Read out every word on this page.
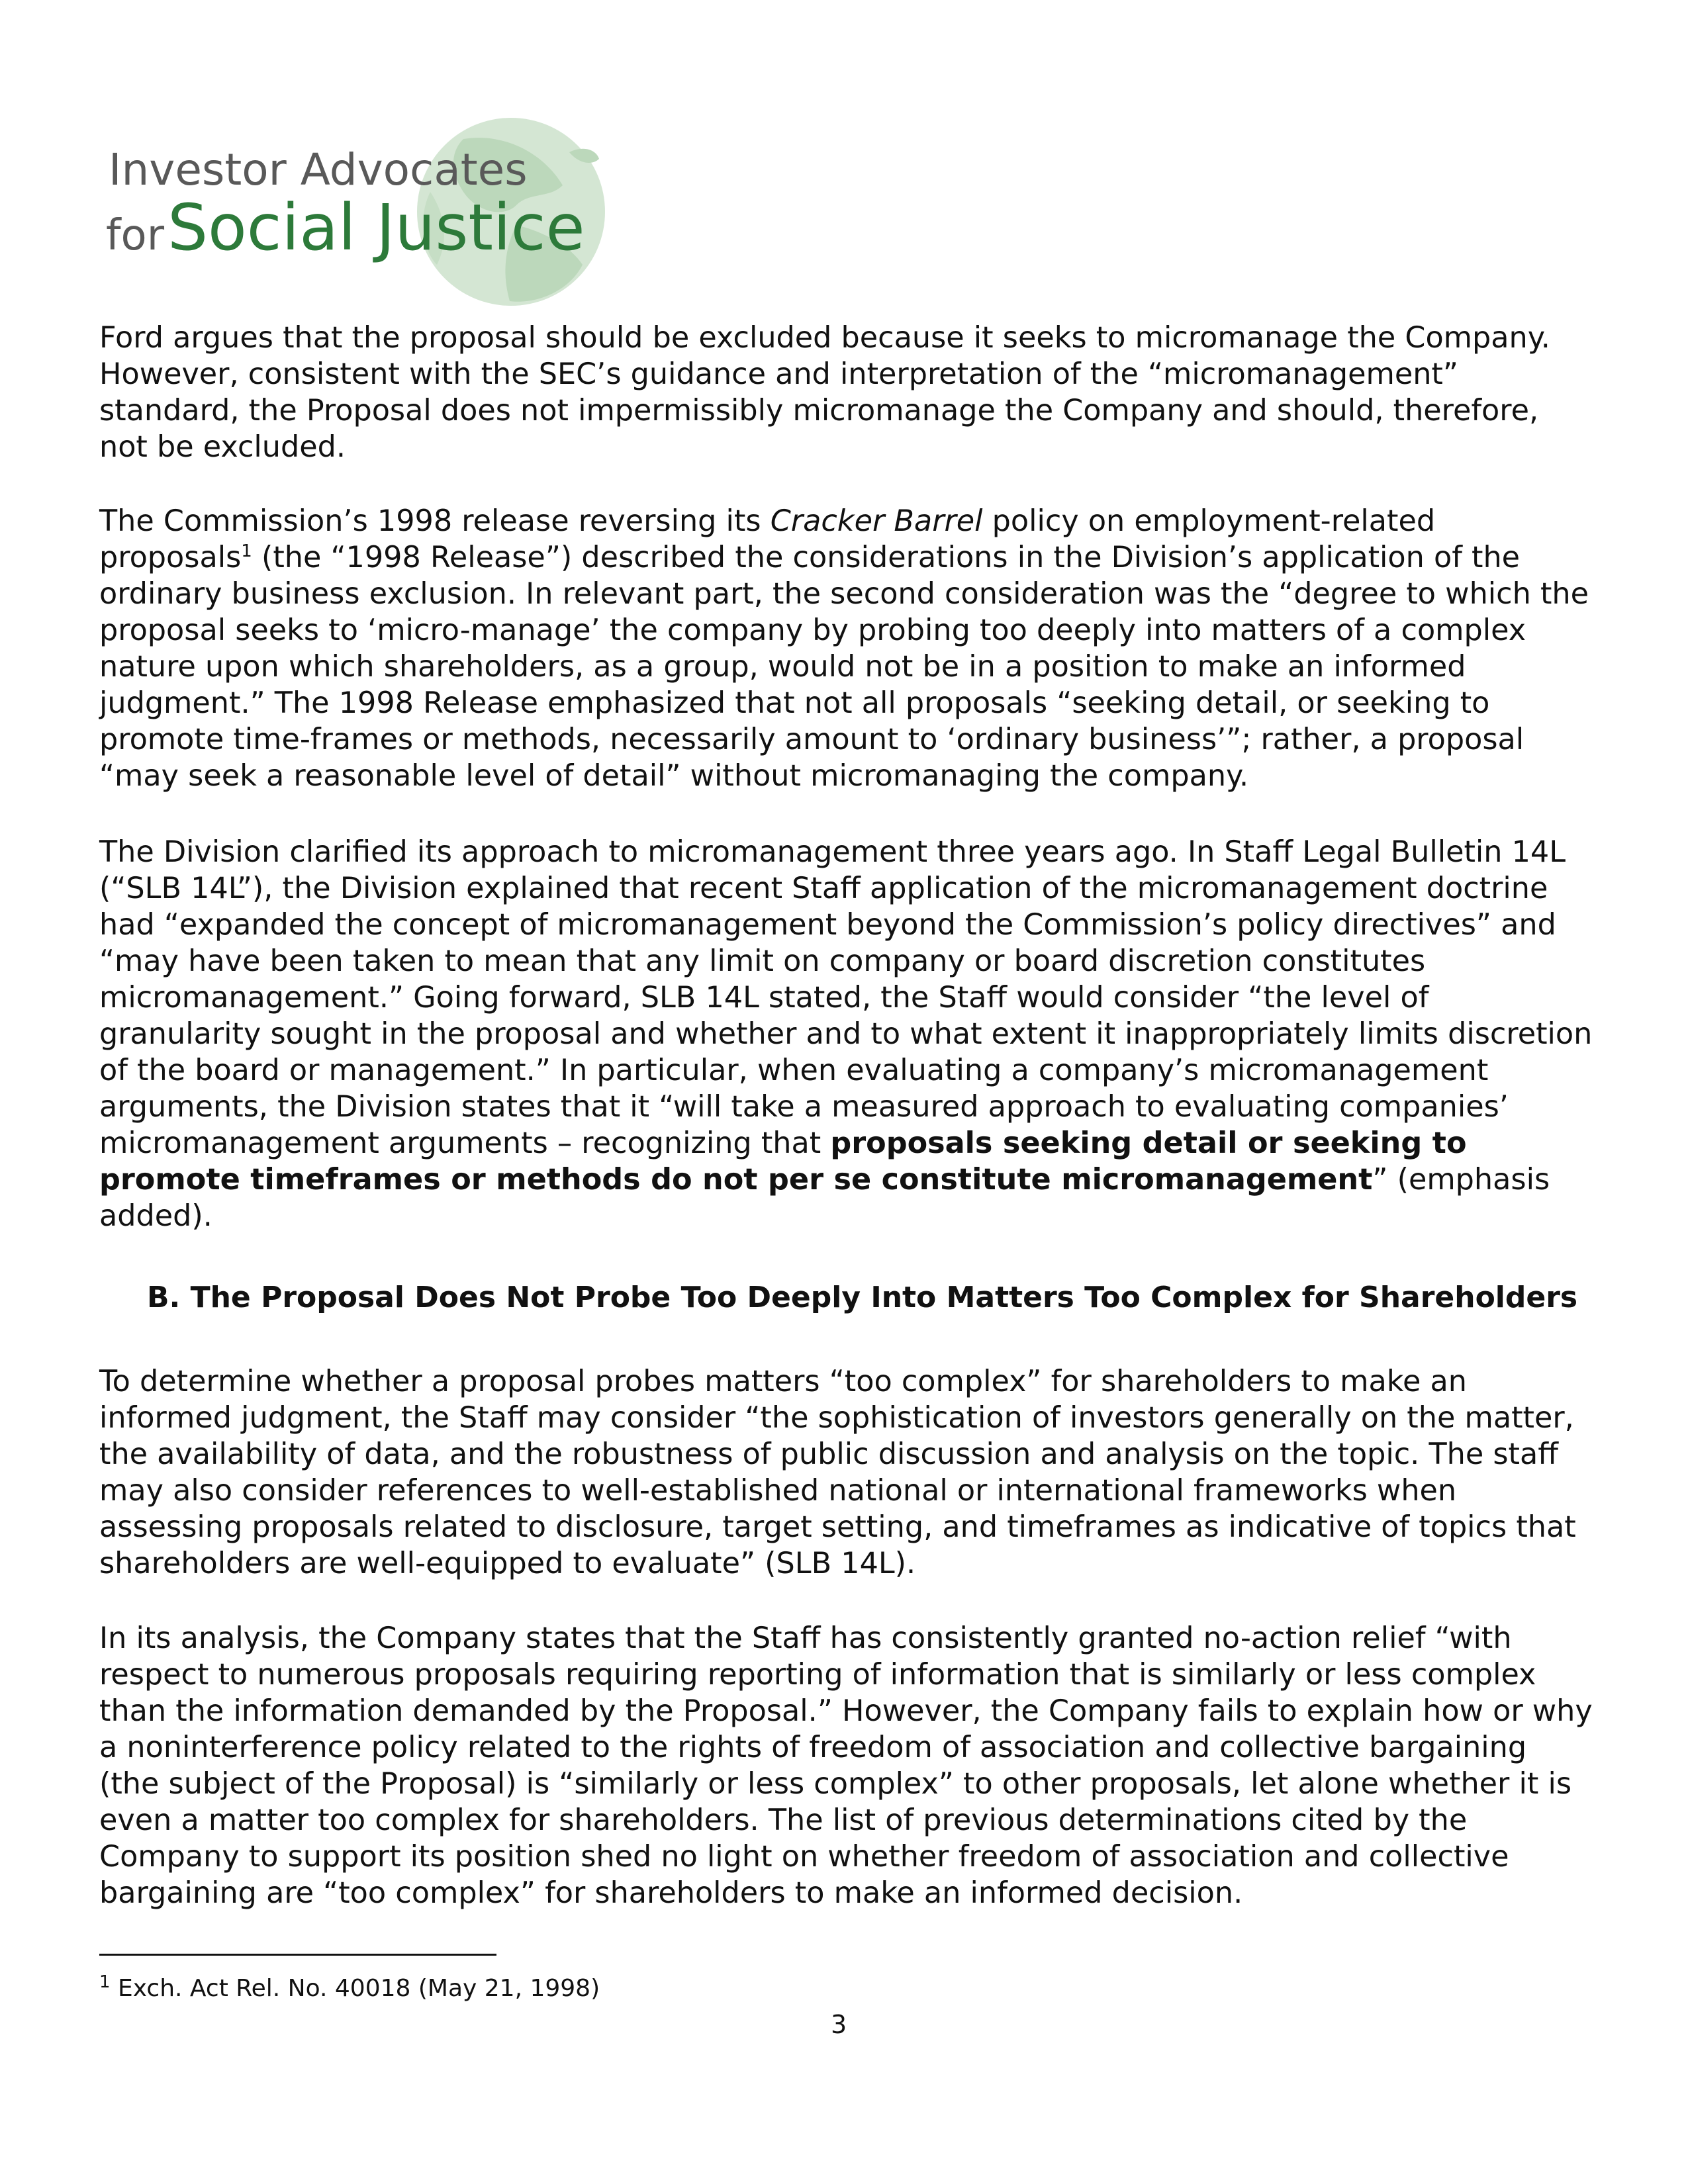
Investor Advocates
for Social Justice

Ford argues that the proposal should be excluded because it seeks to micromanage the Company. However, consistent with the SEC’s guidance and interpretation of the “micromanagement” standard, the Proposal does not impermissibly micromanage the Company and should, therefore, not be excluded.

The Commission’s 1998 release reversing its Cracker Barrel policy on employment-related proposals$^1$ (the “1998 Release”) described the considerations in the Division’s application of the ordinary business exclusion. In relevant part, the second consideration was the “degree to which the proposal seeks to ‘micro-manage’ the company by probing too deeply into matters of a complex nature upon which shareholders, as a group, would not be in a position to make an informed judgment.” The 1998 Release emphasized that not all proposals “seeking detail, or seeking to promote time-frames or methods, necessarily amount to ‘ordinary business’”; rather, a proposal “may seek a reasonable level of detail” without micromanaging the company.

The Division clarified its approach to micromanagement three years ago. In Staff Legal Bulletin 14L (“SLB 14L”), the Division explained that recent Staff application of the micromanagement doctrine had “expanded the concept of micromanagement beyond the Commission’s policy directives” and “may have been taken to mean that any limit on company or board discretion constitutes micromanagement.” Going forward, SLB 14L stated, the Staff would consider “the level of granularity sought in the proposal and whether and to what extent it inappropriately limits discretion of the board or management.” In particular, when evaluating a company’s micromanagement arguments, the Division states that it “will take a measured approach to evaluating companies’ micromanagement arguments – recognizing that proposals seeking detail or seeking to promote timeframes or methods do not per se constitute micromanagement” (emphasis added).

B. The Proposal Does Not Probe Too Deeply Into Matters Too Complex for Shareholders

To determine whether a proposal probes matters “too complex” for shareholders to make an informed judgment, the Staff may consider “the sophistication of investors generally on the matter, the availability of data, and the robustness of public discussion and analysis on the topic. The staff may also consider references to well-established national or international frameworks when assessing proposals related to disclosure, target setting, and timeframes as indicative of topics that shareholders are well-equipped to evaluate” (SLB 14L).

In its analysis, the Company states that the Staff has consistently granted no-action relief “with respect to numerous proposals requiring reporting of information that is similarly or less complex than the information demanded by the Proposal.” However, the Company fails to explain how or why a noninterference policy related to the rights of freedom of association and collective bargaining (the subject of the Proposal) is “similarly or less complex” to other proposals, let alone whether it is even a matter too complex for shareholders. The list of previous determinations cited by the Company to support its position shed no light on whether freedom of association and collective bargaining are “too complex” for shareholders to make an informed decision.

$^1$ Exch. Act Rel. No. 40018 (May 21, 1998)
3
